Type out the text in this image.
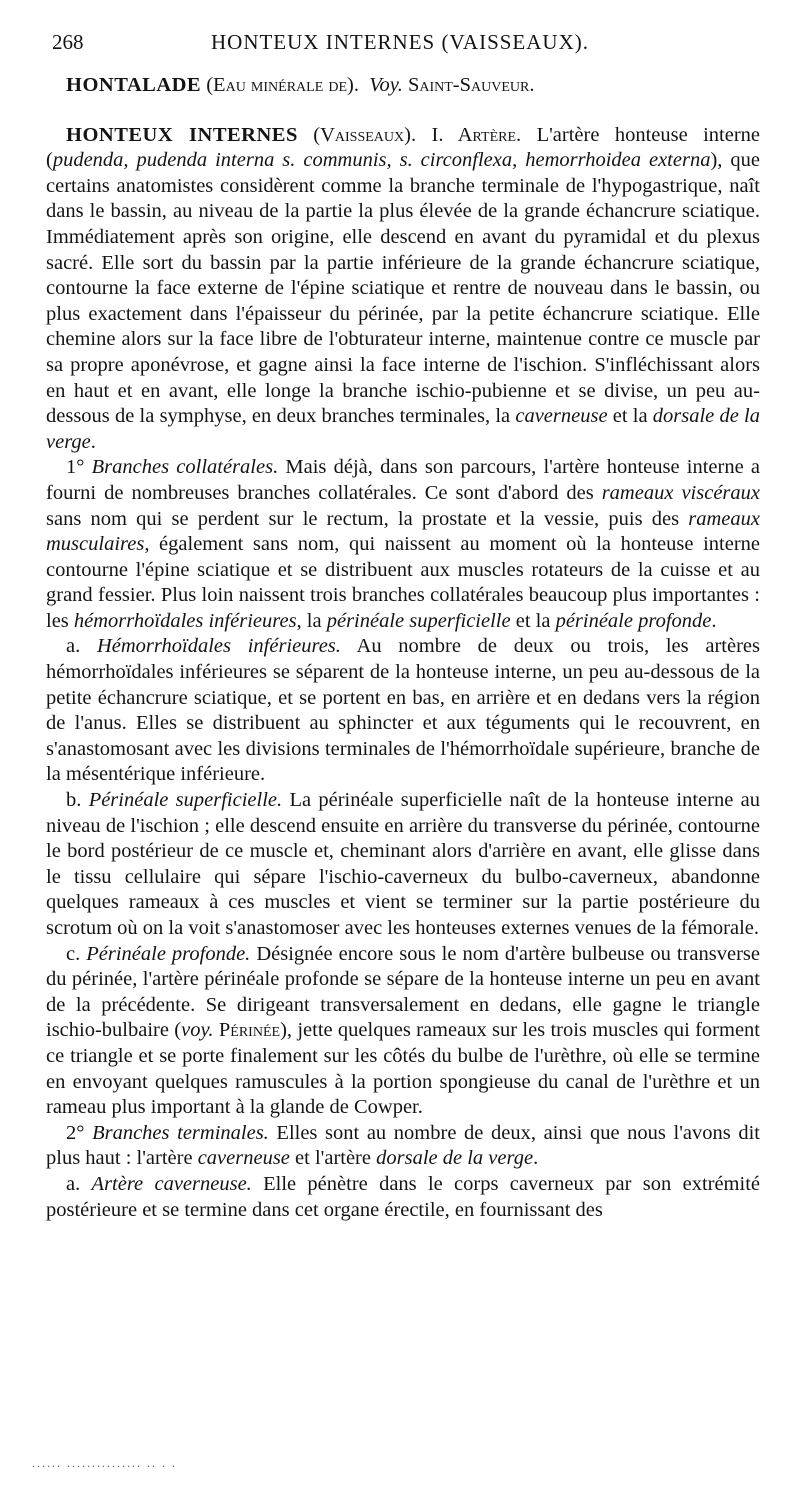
268	HONTEUX INTERNES (VAISSEAUX).

HONTALADE (Eau minérale de). Voy. Saint-Sauveur.

HONTEUX INTERNES (Vaisseaux). I. Artère. L'artère honteuse interne (pudenda, pudenda interna s. communis, s. circonflexa, hemorrhoidea externa), que certains anatomistes considèrent comme la branche terminale de l'hypogastrique, naît dans le bassin, au niveau de la partie la plus élevée de la grande échancrure sciatique. Immédiatement après son origine, elle descend en avant du pyramidal et du plexus sacré. Elle sort du bassin par la partie inférieure de la grande échancrure sciatique, contourne la face externe de l'épine sciatique et rentre de nouveau dans le bassin, ou plus exactement dans l'épaisseur du périnée, par la petite échancrure sciatique. Elle chemine alors sur la face libre de l'obturateur interne, maintenue contre ce muscle par sa propre aponévrose, et gagne ainsi la face interne de l'ischion. S'infléchissant alors en haut et en avant, elle longe la branche ischio-pubienne et se divise, un peu au-dessous de la symphyse, en deux branches terminales, la caverneuse et la dorsale de la verge.

1° Branches collatérales. Mais déjà, dans son parcours, l'artère honteuse interne a fourni de nombreuses branches collatérales. Ce sont d'abord des rameaux viscéraux sans nom qui se perdent sur le rectum, la prostate et la vessie, puis des rameaux musculaires, également sans nom, qui naissent au moment où la honteuse interne contourne l'épine sciatique et se distribuent aux muscles rotateurs de la cuisse et au grand fessier. Plus loin naissent trois branches collatérales beaucoup plus importantes : les hémorrhoïdales inférieures, la périnéale superficielle et la périnéale profonde.

a. Hémorrhoïdales inférieures. Au nombre de deux ou trois, les artères hémorrhoïdales inférieures se séparent de la honteuse interne, un peu au-dessous de la petite échancrure sciatique, et se portent en bas, en arrière et en dedans vers la région de l'anus. Elles se distribuent au sphincter et aux téguments qui le recouvrent, en s'anastomosant avec les divisions terminales de l'hémorrhoïdale supérieure, branche de la mésentérique inférieure.

b. Périnéale superficielle. La périnéale superficielle naît de la honteuse interne au niveau de l'ischion ; elle descend ensuite en arrière du transverse du périnée, contourne le bord postérieur de ce muscle et, cheminant alors d'arrière en avant, elle glisse dans le tissu cellulaire qui sépare l'ischio-caverneux du bulbo-caverneux, abandonne quelques rameaux à ces muscles et vient se terminer sur la partie postérieure du scrotum où on la voit s'anastomoser avec les honteuses externes venues de la fémorale.

c. Périnéale profonde. Désignée encore sous le nom d'artère bulbeuse ou transverse du périnée, l'artère périnéale profonde se sépare de la honteuse interne un peu en avant de la précédente. Se dirigeant transversalement en dedans, elle gagne le triangle ischio-bulbaire (voy. Périnée), jette quelques rameaux sur les trois muscles qui forment ce triangle et se porte finalement sur les côtés du bulbe de l'urèthre, où elle se termine en envoyant quelques ramuscules à la portion spongieuse du canal de l'urèthre et un rameau plus important à la glande de Cowper.

2° Branches terminales. Elles sont au nombre de deux, ainsi que nous l'avons dit plus haut : l'artère caverneuse et l'artère dorsale de la verge.

a. Artère caverneuse. Elle pénètre dans le corps caverneux par son extrémité postérieure et se termine dans cet organe érectile, en fournissant des

...... ............... .. . .
